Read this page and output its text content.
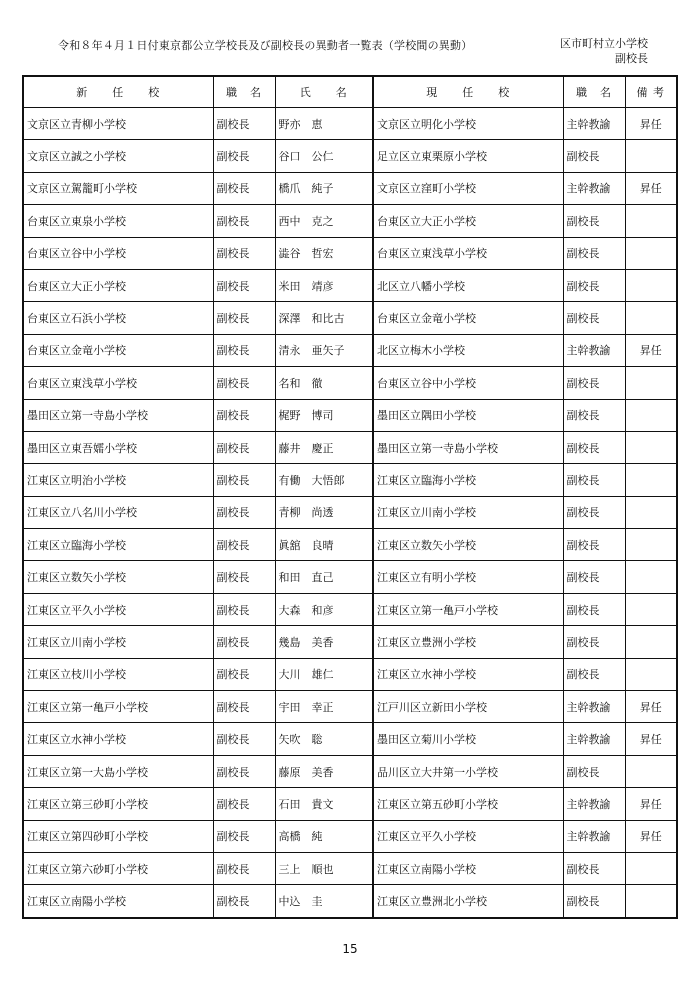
令和８年４月１日付東京都公立学校長及び副校長の異動者一覧表（学校間の異動）	区市町村立小学校
副校長
新　　任　　校	職　名	氏　　名	現　　任　　校	職　名	備 考
文京区立青柳小学校	副校長	野亦　恵	文京区立明化小学校	主幹教諭	昇任
文京区立誠之小学校	副校長	谷口　公仁	足立区立東栗原小学校	副校長	
文京区立駕籠町小学校	副校長	橋爪　純子	文京区立窪町小学校	主幹教諭	昇任
台東区立東泉小学校	副校長	西中　克之	台東区立大正小学校	副校長	
台東区立谷中小学校	副校長	澁谷　哲宏	台東区立東浅草小学校	副校長	
台東区立大正小学校	副校長	米田　靖彦	北区立八幡小学校	副校長	
台東区立石浜小学校	副校長	深澤　和比古	台東区立金竜小学校	副校長	
台東区立金竜小学校	副校長	清永　亜矢子	北区立梅木小学校	主幹教諭	昇任
台東区立東浅草小学校	副校長	名和　徹	台東区立谷中小学校	副校長	
墨田区立第一寺島小学校	副校長	梶野　博司	墨田区立隅田小学校	副校長	
墨田区立東吾嬬小学校	副校長	藤井　慶正	墨田区立第一寺島小学校	副校長	
江東区立明治小学校	副校長	有働　大悟郎	江東区立臨海小学校	副校長	
江東区立八名川小学校	副校長	青柳　尚透	江東区立川南小学校	副校長	
江東区立臨海小学校	副校長	眞舘　良晴	江東区立数矢小学校	副校長	
江東区立数矢小学校	副校長	和田　直己	江東区立有明小学校	副校長	
江東区立平久小学校	副校長	大森　和彦	江東区立第一亀戸小学校	副校長	
江東区立川南小学校	副校長	幾島　美香	江東区立豊洲小学校	副校長	
江東区立枝川小学校	副校長	大川　雄仁	江東区立水神小学校	副校長	
江東区立第一亀戸小学校	副校長	宇田　幸正	江戸川区立新田小学校	主幹教諭	昇任
江東区立水神小学校	副校長	矢吹　聡	墨田区立菊川小学校	主幹教諭	昇任
江東区立第一大島小学校	副校長	藤原　美香	品川区立大井第一小学校	副校長	
江東区立第三砂町小学校	副校長	石田　貴文	江東区立第五砂町小学校	主幹教諭	昇任
江東区立第四砂町小学校	副校長	高橋　純	江東区立平久小学校	主幹教諭	昇任
江東区立第六砂町小学校	副校長	三上　順也	江東区立南陽小学校	副校長	
江東区立南陽小学校	副校長	中込　圭	江東区立豊洲北小学校	副校長	
15
